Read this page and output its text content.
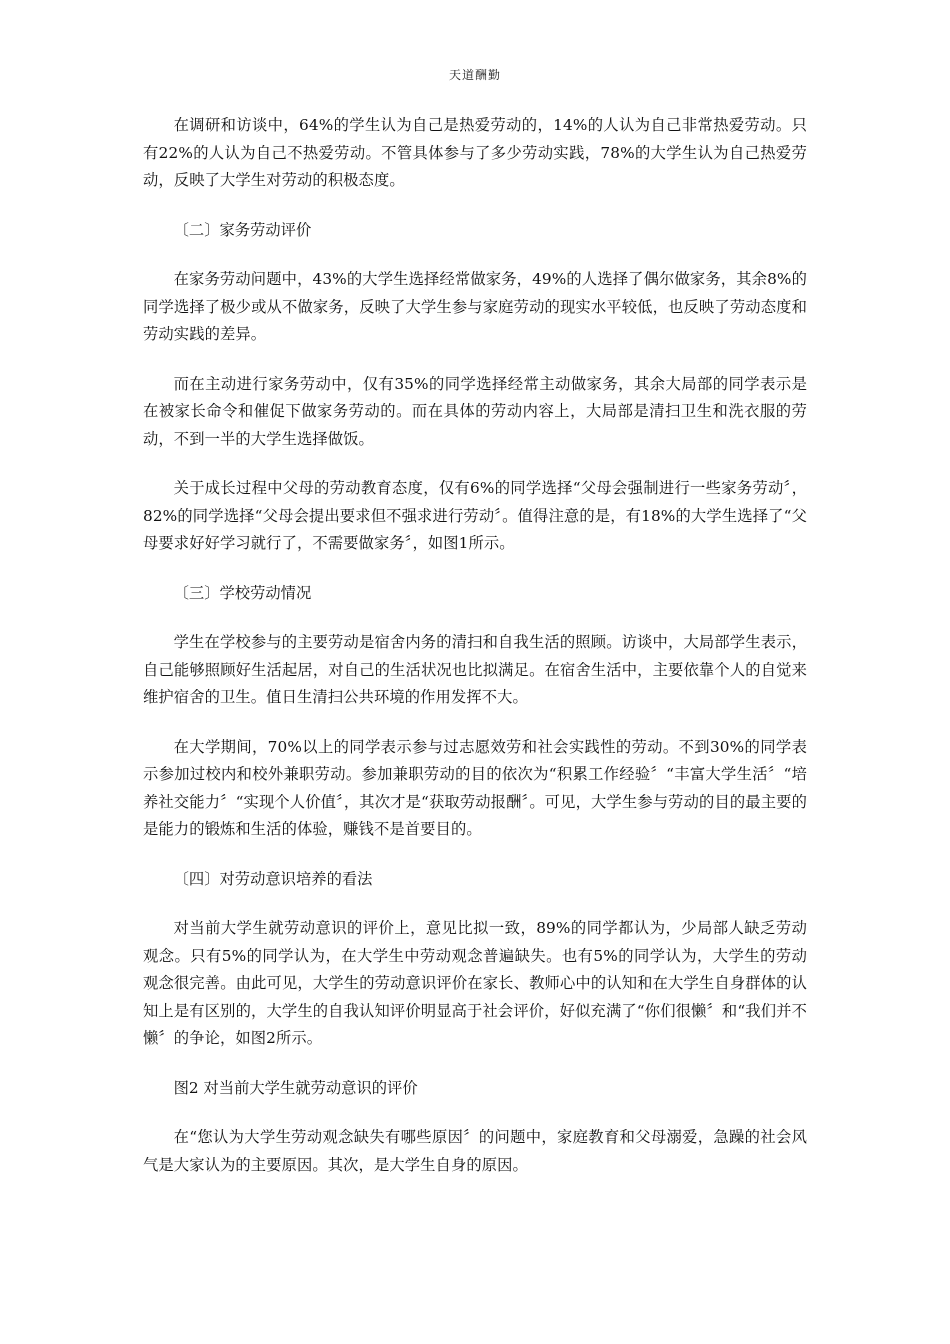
天道酬勤

在调研和访谈中，64%的学生认为自己是热爱劳动的，14%的人认为自己非常热爱劳动。只有22%的人认为自己不热爱劳动。不管具体参与了多少劳动实践，78%的大学生认为自己热爱劳动，反映了大学生对劳动的积极态度。

〔二〕家务劳动评价

在家务劳动问题中，43%的大学生选择经常做家务，49%的人选择了偶尔做家务，其余8%的同学选择了极少或从不做家务，反映了大学生参与家庭劳动的现实水平较低，也反映了劳动态度和劳动实践的差异。

而在主动进行家务劳动中，仅有35%的同学选择经常主动做家务，其余大局部的同学表示是在被家长命令和催促下做家务劳动的。而在具体的劳动内容上，大局部是清扫卫生和洗衣服的劳动，不到一半的大学生选择做饭。

关于成长过程中父母的劳动教育态度，仅有6%的同学选择“父母会强制进行一些家务劳动〞，82%的同学选择“父母会提出要求但不强求进行劳动〞。值得注意的是，有18%的大学生选择了“父母要求好好学习就行了，不需要做家务〞，如图1所示。

〔三〕学校劳动情况

学生在学校参与的主要劳动是宿舍内务的清扫和自我生活的照顾。访谈中，大局部学生表示，自己能够照顾好生活起居，对自己的生活状况也比拟满足。在宿舍生活中，主要依靠个人的自觉来维护宿舍的卫生。值日生清扫公共环境的作用发挥不大。

在大学期间，70%以上的同学表示参与过志愿效劳和社会实践性的劳动。不到30%的同学表示参加过校内和校外兼职劳动。参加兼职劳动的目的依次为“积累工作经验〞“丰富大学生活〞“培养社交能力〞“实现个人价值〞，其次才是“获取劳动报酬〞。可见，大学生参与劳动的目的最主要的是能力的锻炼和生活的体验，赚钱不是首要目的。

〔四〕对劳动意识培养的看法

对当前大学生就劳动意识的评价上，意见比拟一致，89%的同学都认为，少局部人缺乏劳动观念。只有5%的同学认为，在大学生中劳动观念普遍缺失。也有5%的同学认为，大学生的劳动观念很完善。由此可见，大学生的劳动意识评价在家长、教师心中的认知和在大学生自身群体的认知上是有区别的，大学生的自我认知评价明显高于社会评价，好似充满了“你们很懒〞和“我们并不懒〞的争论，如图2所示。

图2 对当前大学生就劳动意识的评价

在“您认为大学生劳动观念缺失有哪些原因〞的问题中，家庭教育和父母溺爱，急躁的社会风气是大家认为的主要原因。其次，是大学生自身的原因。
